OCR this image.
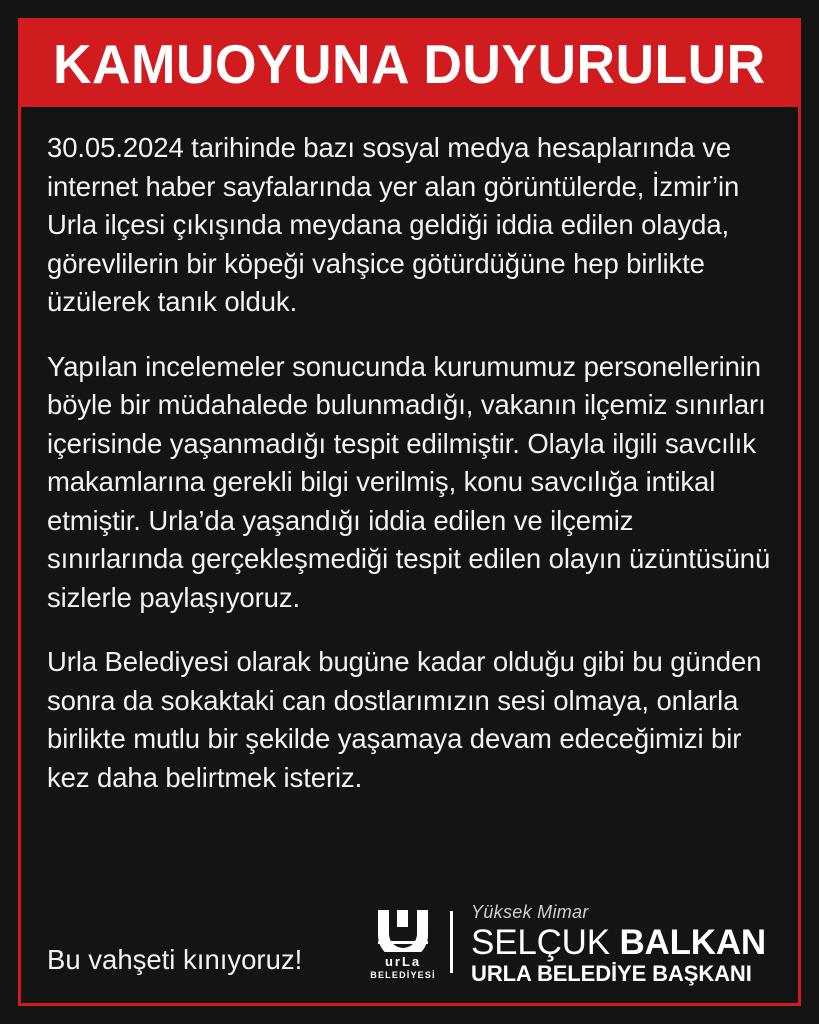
KAMUOYUNA DUYURULUR

30.05.2024 tarihinde bazı sosyal medya hesaplarında ve internet haber sayfalarında yer alan görüntülerde, İzmir’in Urla ilçesi çıkışında meydana geldiği iddia edilen olayda, görevlilerin bir köpeği vahşice götürdüğüne hep birlikte üzülerek tanık olduk.

Yapılan incelemeler sonucunda kurumumuz personellerinin böyle bir müdahalede bulunmadığı, vakanın ilçemiz sınırları içerisinde yaşanmadığı tespit edilmiştir. Olayla ilgili savcılık makamlarına gerekli bilgi verilmiş, konu savcılığa intikal etmiştir. Urla’da yaşandığı iddia edilen ve ilçemiz sınırlarında gerçekleşmediği tespit edilen olayın üzüntüsünü sizlerle paylaşıyoruz.

Urla Belediyesi olarak bugüne kadar olduğu gibi bu günden sonra da sokaktaki can dostlarımızın sesi olmaya, onlarla birlikte mutlu bir şekilde yaşamaya devam edeceğimizi bir kez daha belirtmek isteriz.

Bu vahşeti kınıyoruz!	urLa
BELEDİYESİ
Yüksek Mimar
SELÇUK BALKAN
URLA BELEDİYE BAŞKANI
